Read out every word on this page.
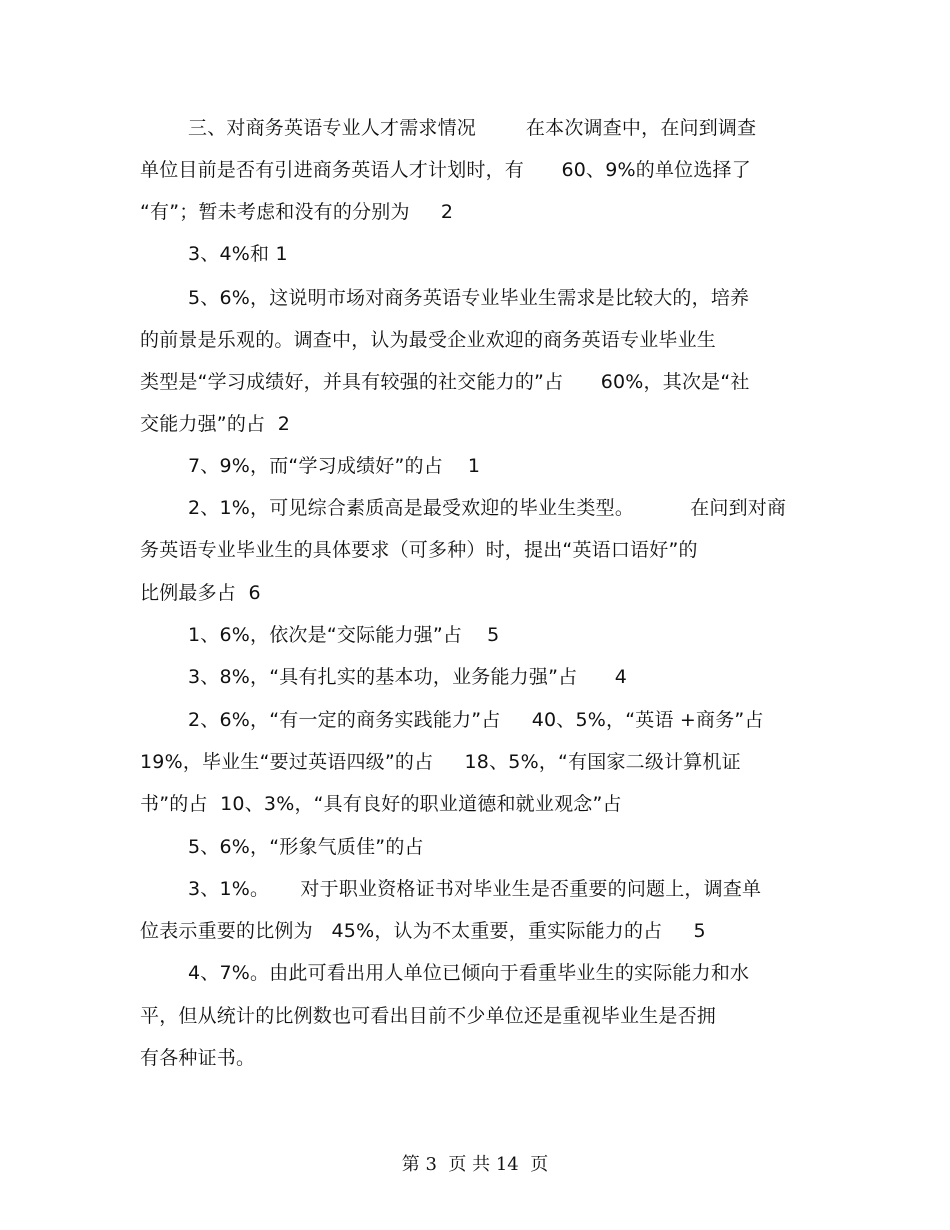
三、对商务英语专业人才需求情况        在本次调查中，在问到调查
单位目前是否有引进商务英语人才计划时，有      60、9%的单位选择了
“有”；暂未考虑和没有的分别为     2
3、4%和 1
5、6%，这说明市场对商务英语专业毕业生需求是比较大的，培养
的前景是乐观的。调查中，认为最受企业欢迎的商务英语专业毕业生
类型是“学习成绩好，并具有较强的社交能力的”占      60%，其次是“社
交能力强”的占  2
7、9%，而“学习成绩好”的占    1
2、1%，可见综合素质高是最受欢迎的毕业生类型。         在问到对商
务英语专业毕业生的具体要求（可多种）时，提出“英语口语好”的
比例最多占  6
1、6%，依次是“交际能力强”占    5
3、8%，“具有扎实的基本功，业务能力强”占      4
2、6%，“有一定的商务实践能力”占     40、5%，“英语 +商务”占
19%，毕业生“要过英语四级”的占     18、5%，“有国家二级计算机证
书”的占  10、3%，“具有良好的职业道德和就业观念”占
5、6%，“形象气质佳”的占
3、1%。     对于职业资格证书对毕业生是否重要的问题上，调查单
位表示重要的比例为   45%，认为不太重要，重实际能力的占     5
4、7%。由此可看出用人单位已倾向于看重毕业生的实际能力和水
平，但从统计的比例数也可看出目前不少单位还是重视毕业生是否拥
有各种证书。
第 3  页 共 14  页
